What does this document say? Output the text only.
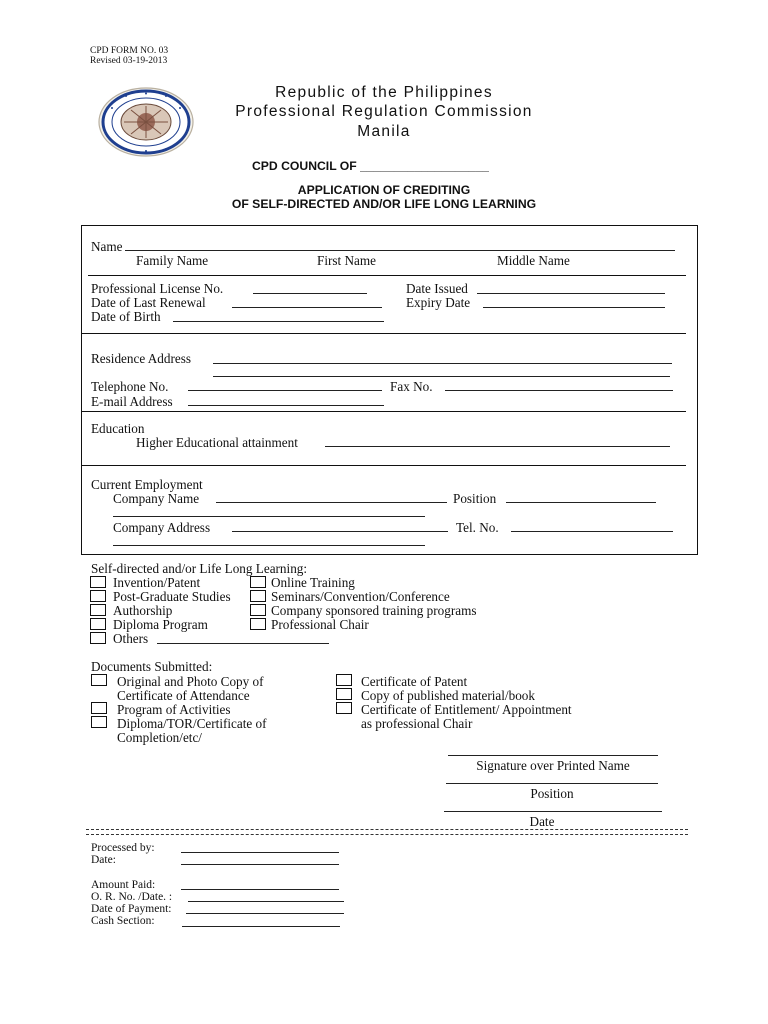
CPD FORM NO. 03
Revised 03-19-2013
Republic of the Philippines
Professional Regulation Commission
Manila
CPD COUNCIL OF ___________________
APPLICATION OF CREDITING
OF SELF-DIRECTED AND/OR LIFE LONG LEARNING
Name
Family Name	First Name	Middle Name
Professional License No.	Date Issued
Date of Last Renewal	Expiry Date
Date of Birth
Residence Address
Telephone No.	Fax No.
E-mail Address
Education
Higher Educational attainment
Current Employment
Company Name	Position
Company Address	Tel. No.
Self-directed and/or Life Long Learning:
Invention/Patent
Post-Graduate Studies
Authorship
Diploma Program
Others
Online Training
Seminars/Convention/Conference
Company sponsored training programs
Professional Chair
Documents Submitted:
Original and Photo Copy of
Certificate of Attendance
Program of Activities
Diploma/TOR/Certificate of
Completion/etc/
Certificate of Patent
Copy of published material/book
Certificate of Entitlement/ Appointment
as professional Chair
Signature over Printed Name
Position
Date
Processed by:
Date:
Amount Paid:
O. R. No. /Date. :
Date of Payment:
Cash Section:
